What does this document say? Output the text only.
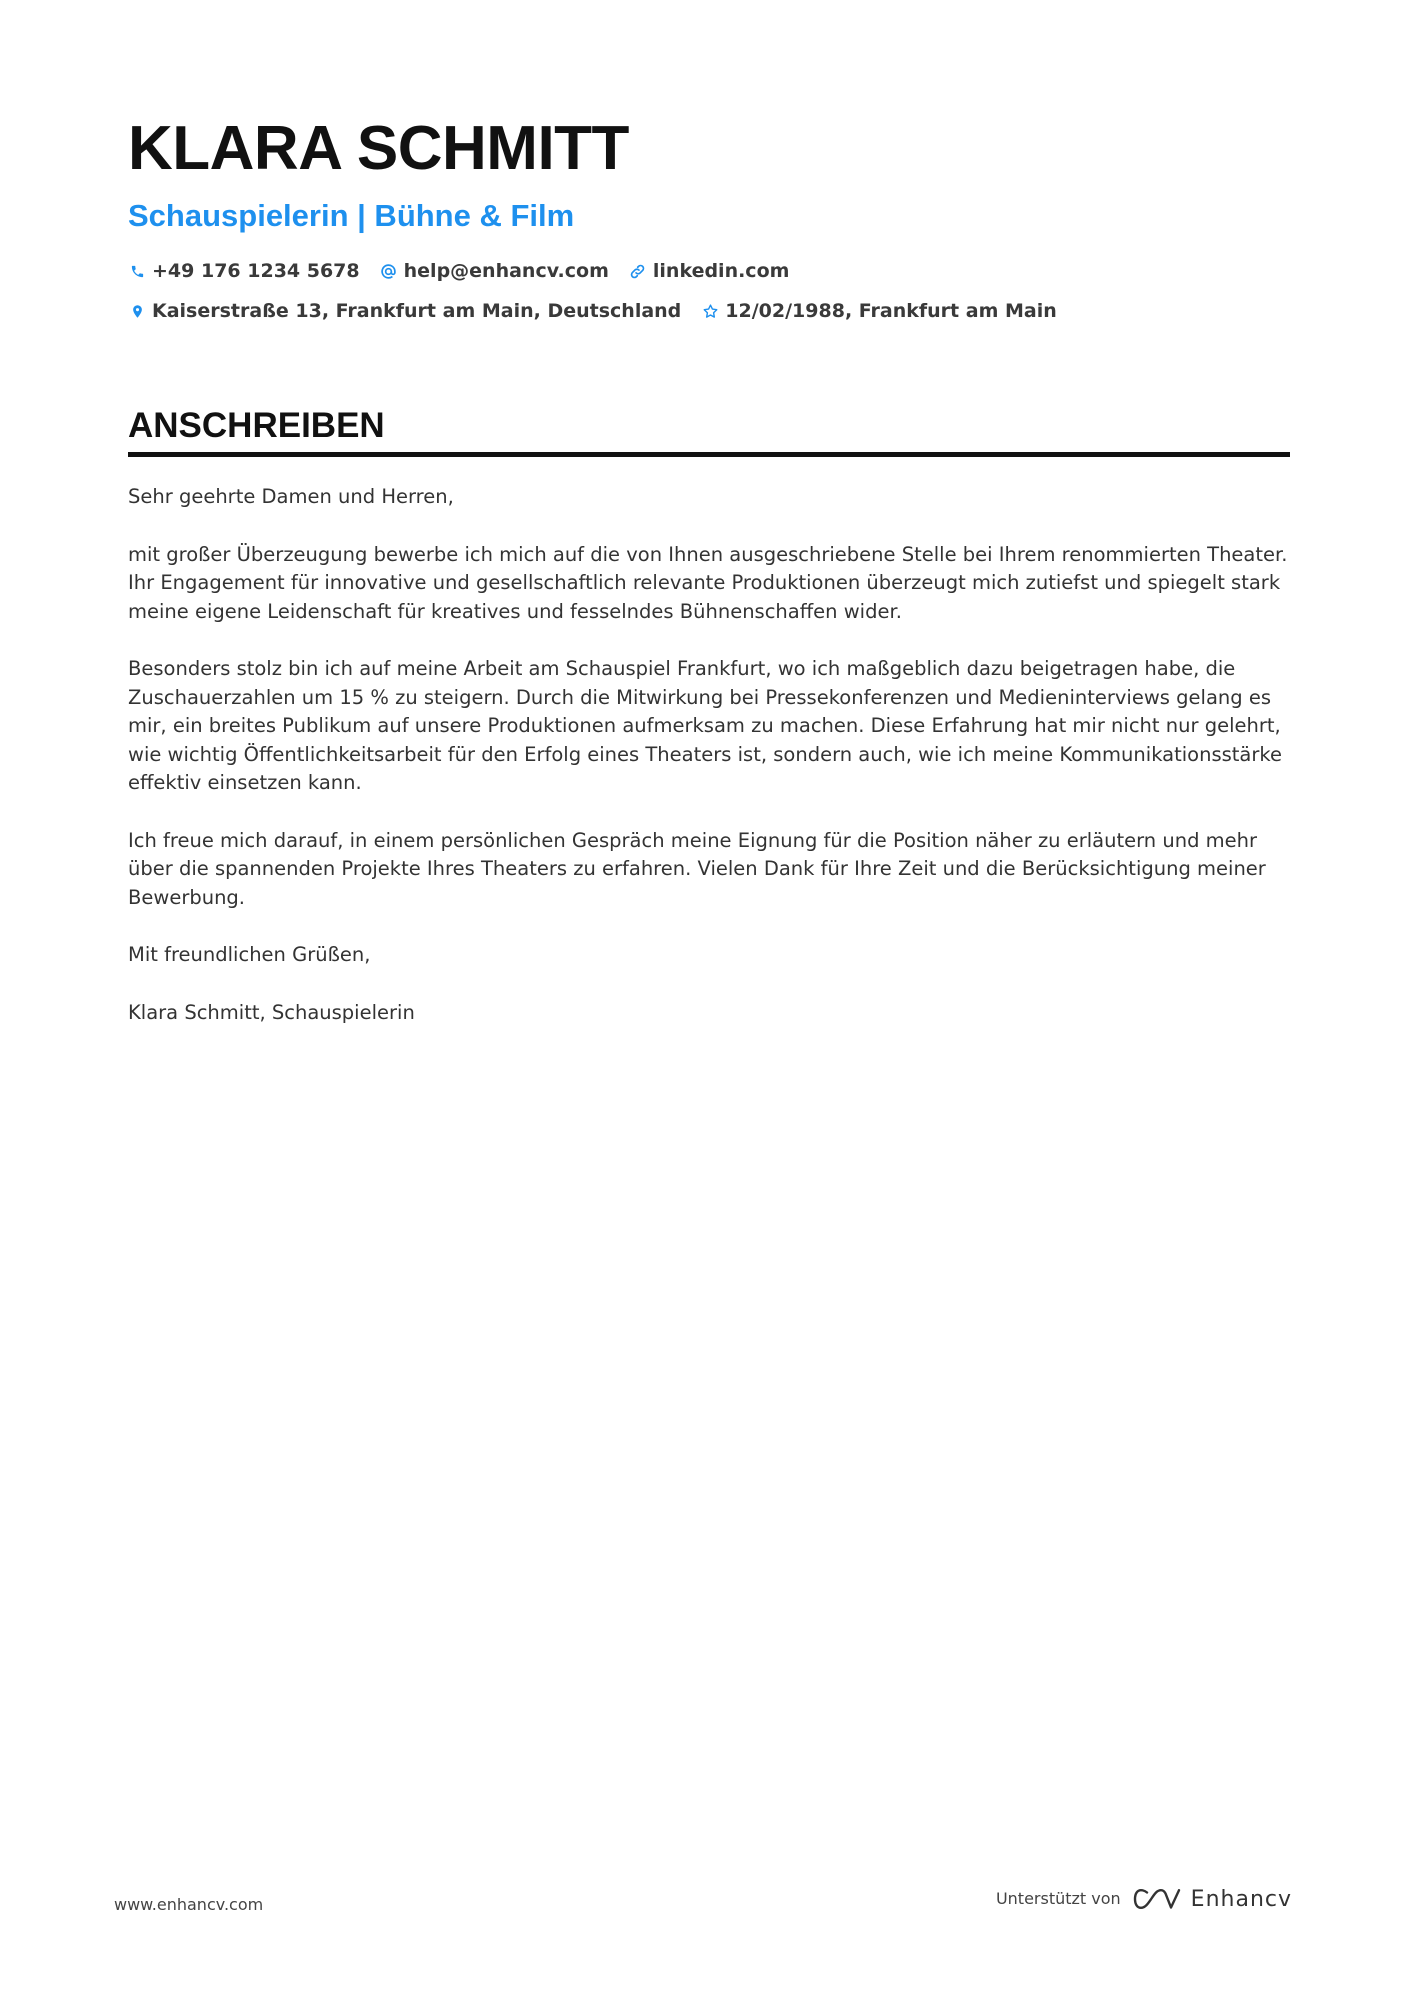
KLARA SCHMITT
Schauspielerin | Bühne & Film
+49 176 1234 5678 help@enhancv.com linkedin.com
Kaiserstraße 13, Frankfurt am Main, Deutschland 12/02/1988, Frankfurt am Main
ANSCHREIBEN

Sehr geehrte Damen und Herren,

mit großer Überzeugung bewerbe ich mich auf die von Ihnen ausgeschriebene Stelle bei Ihrem renommierten Theater. Ihr Engagement für innovative und gesellschaftlich relevante Produktionen überzeugt mich zutiefst und spiegelt stark meine eigene Leidenschaft für kreatives und fesselndes Bühnenschaffen wider.

Besonders stolz bin ich auf meine Arbeit am Schauspiel Frankfurt, wo ich maßgeblich dazu beigetragen habe, die Zuschauerzahlen um 15 % zu steigern. Durch die Mitwirkung bei Pressekonferenzen und Medieninterviews gelang es mir, ein breites Publikum auf unsere Produktionen aufmerksam zu machen. Diese Erfahrung hat mir nicht nur gelehrt, wie wichtig Öffentlichkeitsarbeit für den Erfolg eines Theaters ist, sondern auch, wie ich meine Kommunikationsstärke effektiv einsetzen kann.

Ich freue mich darauf, in einem persönlichen Gespräch meine Eignung für die Position näher zu erläutern und mehr über die spannenden Projekte Ihres Theaters zu erfahren. Vielen Dank für Ihre Zeit und die Berücksichtigung meiner Bewerbung.

Mit freundlichen Grüßen,

Klara Schmitt, Schauspielerin

www.enhancv.com	Unterstützt von	Enhancv
